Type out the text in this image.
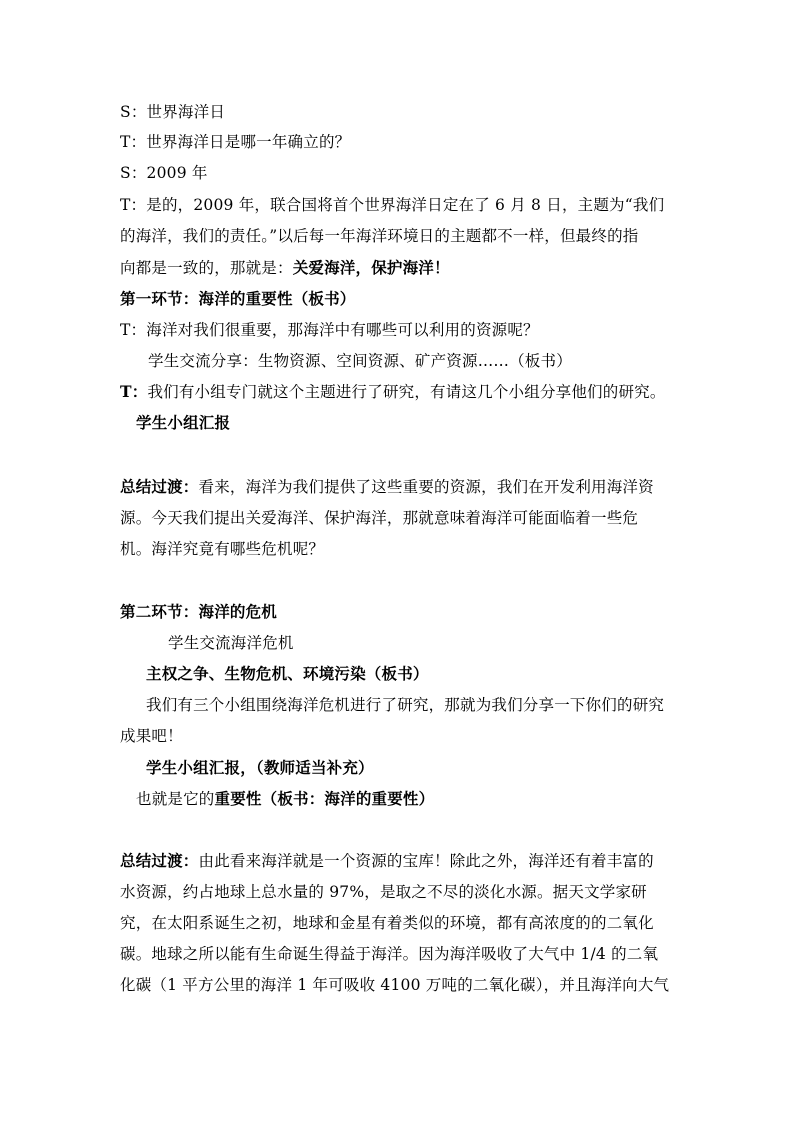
S：世界海洋日
T：世界海洋日是哪一年确立的？
S：2009 年
T：是的，2009 年，联合国将首个世界海洋日定在了 6 月 8 日，主题为“我们
的海洋，我们的责任。”以后每一年海洋环境日的主题都不一样，但最终的指
向都是一致的，那就是：关爱海洋，保护海洋！
第一环节：海洋的重要性（板书）
T：海洋对我们很重要，那海洋中有哪些可以利用的资源呢？
学生交流分享：生物资源、空间资源、矿产资源……（板书）
T：我们有小组专门就这个主题进行了研究，有请这几个小组分享他们的研究。
学生小组汇报
总结过渡：看来，海洋为我们提供了这些重要的资源，我们在开发利用海洋资
源。今天我们提出关爱海洋、保护海洋，那就意味着海洋可能面临着一些危
机。海洋究竟有哪些危机呢？
第二环节：海洋的危机
学生交流海洋危机
主权之争、生物危机、环境污染（板书）
我们有三个小组围绕海洋危机进行了研究，那就为我们分享一下你们的研究
成果吧！
学生小组汇报，（教师适当补充）
也就是它的重要性（板书：海洋的重要性）
总结过渡：由此看来海洋就是一个资源的宝库！除此之外，海洋还有着丰富的
水资源，约占地球上总水量的 97%，是取之不尽的淡化水源。据天文学家研
究，在太阳系诞生之初，地球和金星有着类似的环境，都有高浓度的的二氧化
碳。地球之所以能有生命诞生得益于海洋。因为海洋吸收了大气中 1/4 的二氧
化碳（1 平方公里的海洋 1 年可吸收 4100 万吨的二氧化碳），并且海洋向大气
